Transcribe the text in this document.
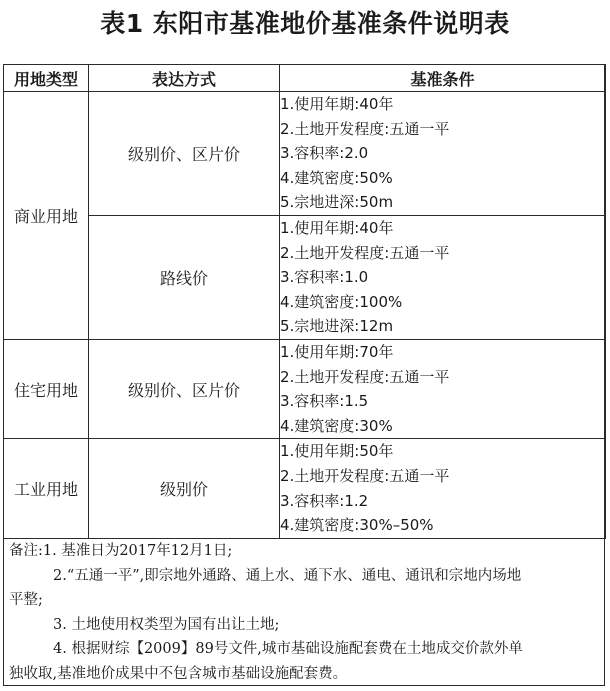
表1 东阳市基准地价基准条件说明表
用地类型	表达方式	基准条件
商业用地	级别价、区片价	1.使用年期:40年
2.土地开发程度:五通一平
3.容积率:2.0
4.建筑密度:50%
5.宗地进深:50m

	路线价	1.使用年期:40年
2.土地开发程度:五通一平
3.容积率:1.0
4.建筑密度:100%
5.宗地进深:12m

住宅用地	级别价、区片价	1.使用年期:70年
2.土地开发程度:五通一平
3.容积率:1.5
4.建筑密度:30%

工业用地	级别价	1.使用年期:50年
2.土地开发程度:五通一平
3.容积率:1.2
4.建筑密度:30%–50%
备注:1. 基准日为2017年12月1日;
2.“五通一平”,即宗地外通路、通上水、通下水、通电、通讯和宗地内场地
平整;
3. 土地使用权类型为国有出让土地;
4. 根据财综【2009】89号文件,城市基础设施配套费在土地成交价款外单
独收取,基准地价成果中不包含城市基础设施配套费。
